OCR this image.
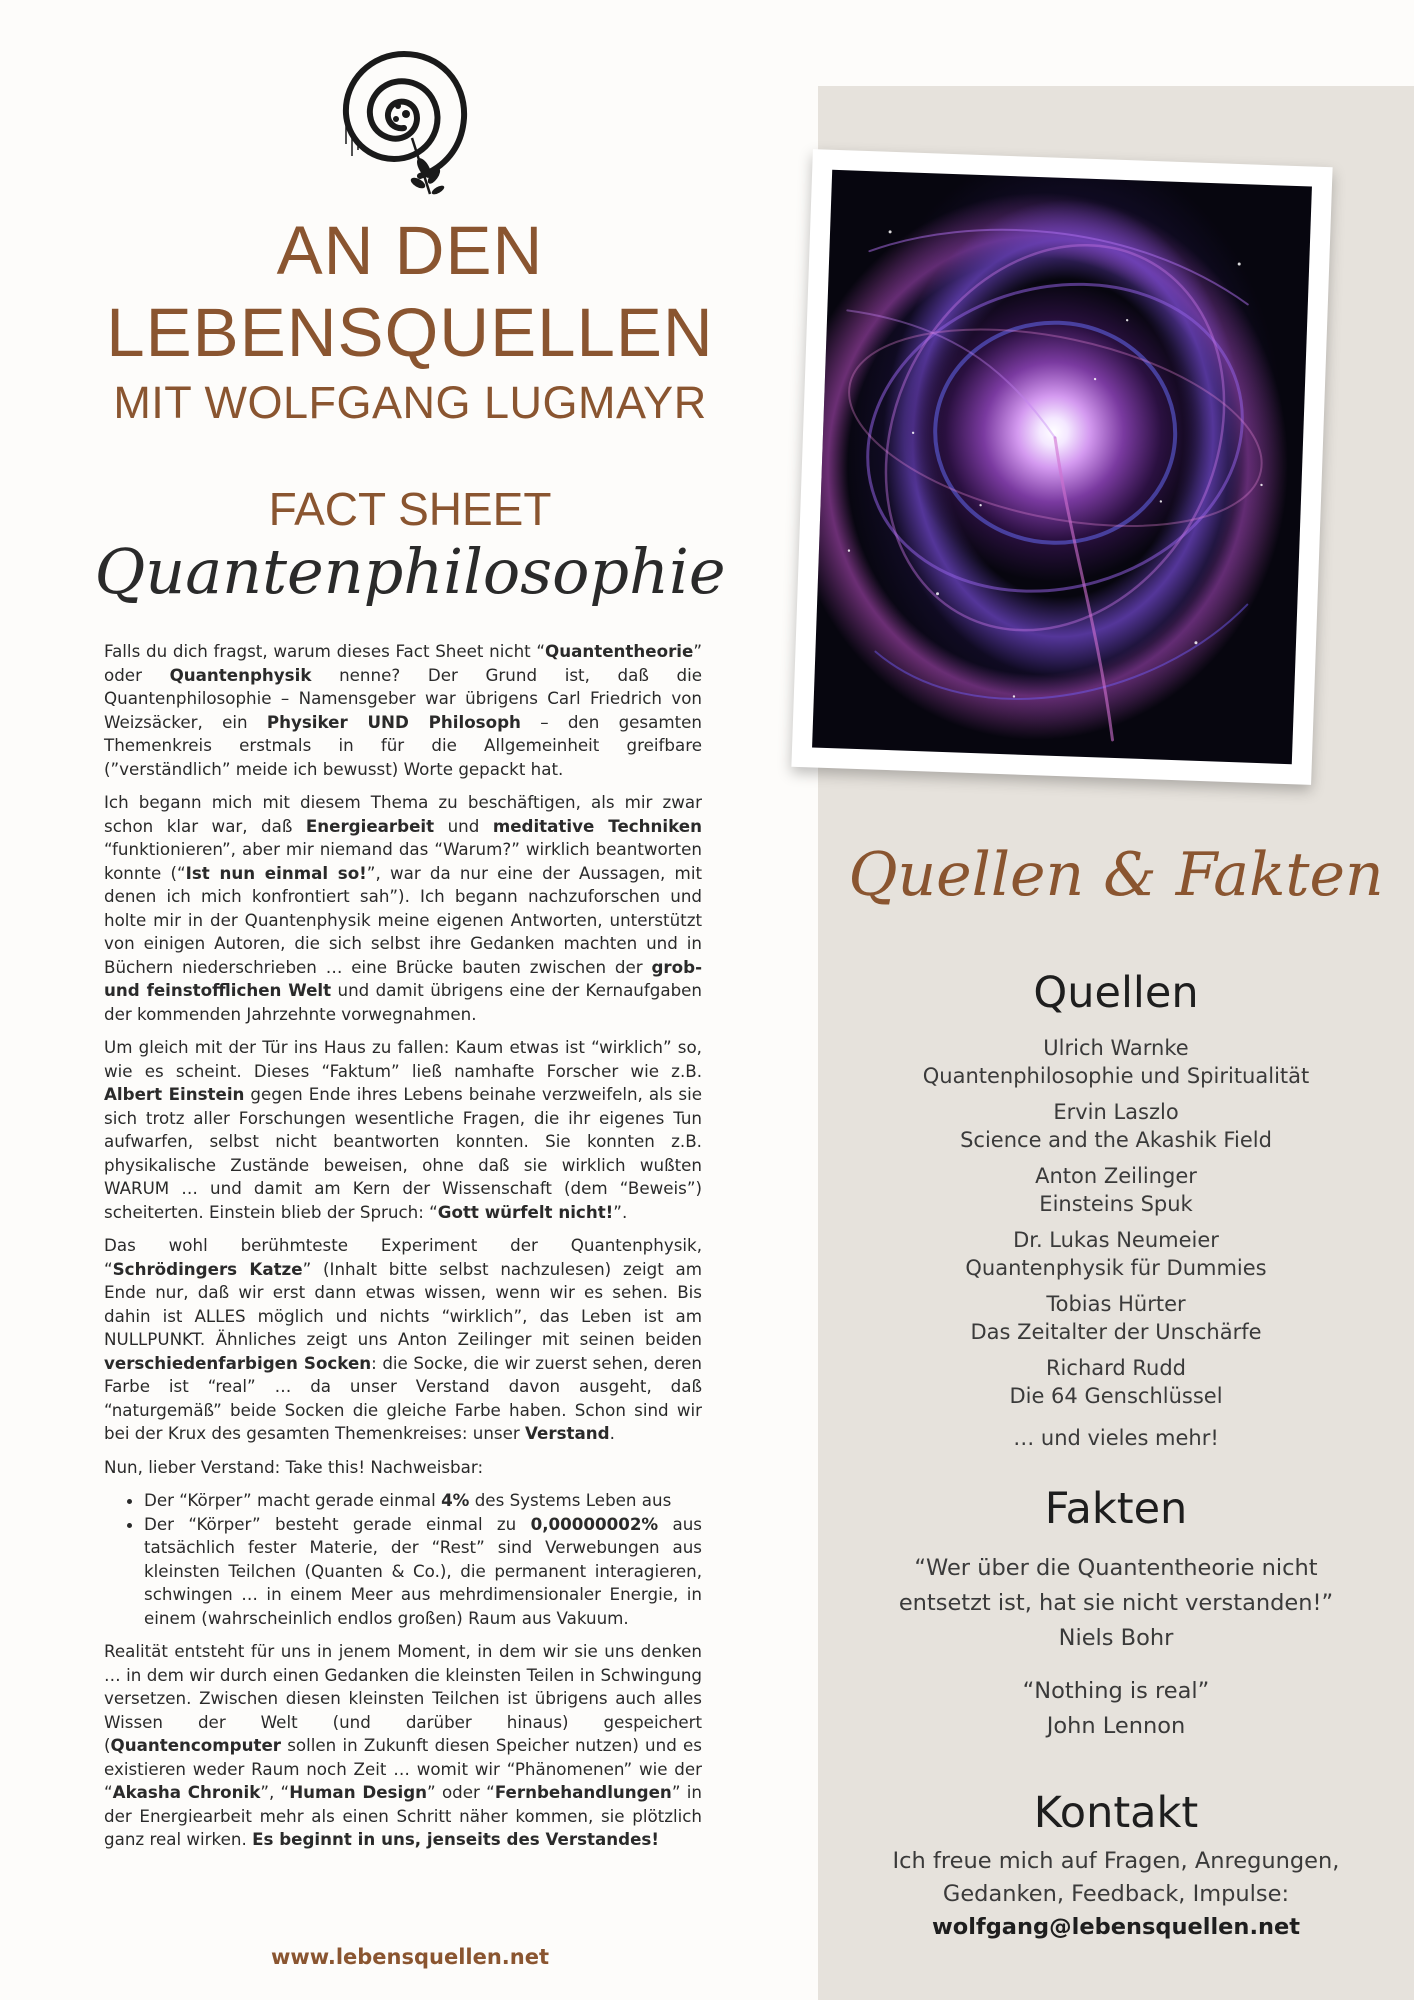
AN DEN
LEBENSQUELLEN
MIT WOLFGANG LUGMAYR
FACT SHEET
Quantenphilosophie

Falls du dich fragst, warum dieses Fact Sheet nicht “Quantentheorie” oder Quantenphysik nenne? Der Grund ist, daß die Quantenphilosophie – Namensgeber war übrigens Carl Friedrich von Weizsäcker, ein Physiker UND Philosoph – den gesamten Themenkreis erstmals in für die Allgemeinheit greifbare (”verständlich” meide ich bewusst) Worte gepackt hat.

Ich begann mich mit diesem Thema zu beschäftigen, als mir zwar schon klar war, daß Energiearbeit und meditative Techniken “funktionieren”, aber mir niemand das “Warum?” wirklich beantworten konnte (“Ist nun einmal so!”, war da nur eine der Aussagen, mit denen ich mich konfrontiert sah”). Ich begann nachzuforschen und holte mir in der Quantenphysik meine eigenen Antworten, unterstützt von einigen Autoren, die sich selbst ihre Gedanken machten und in Büchern niederschrieben … eine Brücke bauten zwischen der grob- und feinstofflichen Welt und damit übrigens eine der Kernaufgaben der kommenden Jahrzehnte vorwegnahmen.

Um gleich mit der Tür ins Haus zu fallen: Kaum etwas ist “wirklich” so, wie es scheint. Dieses “Faktum” ließ namhafte Forscher wie z.B. Albert Einstein gegen Ende ihres Lebens beinahe verzweifeln, als sie sich trotz aller Forschungen wesentliche Fragen, die ihr eigenes Tun aufwarfen, selbst nicht beantworten konnten. Sie konnten z.B. physikalische Zustände beweisen, ohne daß sie wirklich wußten WARUM … und damit am Kern der Wissenschaft (dem “Beweis”) scheiterten. Einstein blieb der Spruch: “Gott würfelt nicht!”.

Das wohl berühmteste Experiment der Quantenphysik, “Schrödingers Katze” (Inhalt bitte selbst nachzulesen) zeigt am Ende nur, daß wir erst dann etwas wissen, wenn wir es sehen. Bis dahin ist ALLES möglich und nichts “wirklich”, das Leben ist am NULLPUNKT. Ähnliches zeigt uns Anton Zeilinger mit seinen beiden verschiedenfarbigen Socken: die Socke, die wir zuerst sehen, deren Farbe ist “real” … da unser Verstand davon ausgeht, daß “naturgemäß” beide Socken die gleiche Farbe haben. Schon sind wir bei der Krux des gesamten Themenkreises: unser Verstand.

Nun, lieber Verstand: Take this! Nachweisbar:

• Der “Körper” macht gerade einmal 4% des Systems Leben aus
• Der “Körper” besteht gerade einmal zu 0,00000002% aus tatsächlich fester Materie, der “Rest” sind Verwebungen aus kleinsten Teilchen (Quanten & Co.), die permanent interagieren, schwingen … in einem Meer aus mehrdimensionaler Energie, in einem (wahrscheinlich endlos großen) Raum aus Vakuum.

Realität entsteht für uns in jenem Moment, in dem wir sie uns denken … in dem wir durch einen Gedanken die kleinsten Teilen in Schwingung versetzen. Zwischen diesen kleinsten Teilchen ist übrigens auch alles Wissen der Welt (und darüber hinaus) gespeichert (Quantencomputer sollen in Zukunft diesen Speicher nutzen) und es existieren weder Raum noch Zeit … womit wir “Phänomenen” wie der “Akasha Chronik”, “Human Design” oder “Fernbehandlungen” in der Energiearbeit mehr als einen Schritt näher kommen, sie plötzlich ganz real wirken. Es beginnt in uns, jenseits des Verstandes!

www.lebensquellen.net
Quellen & Fakten
Quellen
Ulrich Warnke
Quantenphilosophie und Spiritualität
Ervin Laszlo
Science and the Akashik Field
Anton Zeilinger
Einsteins Spuk
Dr. Lukas Neumeier
Quantenphysik für Dummies
Tobias Hürter
Das Zeitalter der Unschärfe
Richard Rudd
Die 64 Genschlüssel
… und vieles mehr!
Fakten
“Wer über die Quantentheorie nicht
entsetzt ist, hat sie nicht verstanden!”
Niels Bohr
“Nothing is real”
John Lennon
Kontakt
Ich freue mich auf Fragen, Anregungen,
Gedanken, Feedback, Impulse:
wolfgang@lebensquellen.net
